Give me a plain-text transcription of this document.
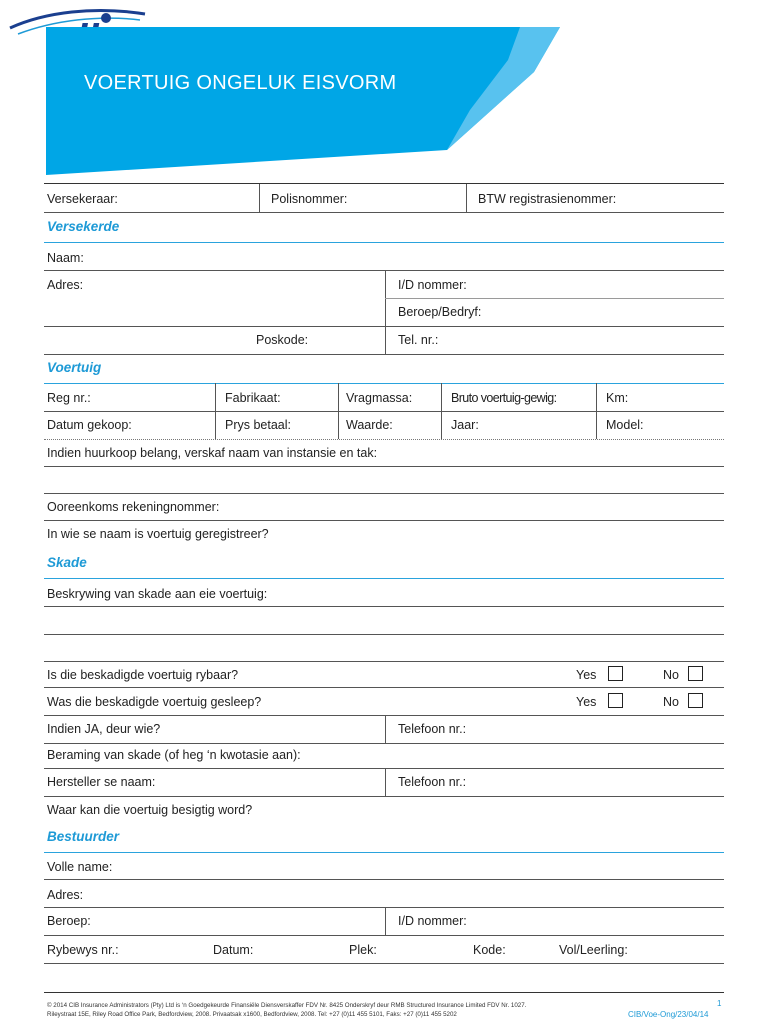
VOERTUIG ONGELUK EISVORM
Versekeraar:	Polisnommer:	BTW registrasienommer:
Versekerde
Naam:
Adres:	I/D nommer:
Beroep/Bedryf:
Poskode:	Tel. nr.:
Voertuig
Reg nr.:	Fabrikaat:	Vragmassa:	Bruto voertuig-gewig:	Km:
Datum gekoop:	Prys betaal:	Waarde:	Jaar:	Model:
Indien huurkoop belang, verskaf naam van instansie en tak:
Ooreenkoms rekeningnommer:
In wie se naam is voertuig geregistreer?
Skade
Beskrywing van skade aan eie voertuig:
Is die beskadigde voertuig rybaar?	Yes	No
Was die beskadigde voertuig gesleep?	Yes	No
Indien JA, deur wie?	Telefoon nr.:
Beraming van skade (of heg ‘n kwotasie aan):
Hersteller se naam:	Telefoon nr.:
Waar kan die voertuig besigtig word?
Bestuurder
Volle name:
Adres:
Beroep:	I/D nommer:
Rybewys nr.:	Datum:	Plek:	Kode:	Vol/Leerling:
© 2014 CIB Insurance Administrators (Pty) Ltd is ‘n Goedgekeurde Finansiële Diensverskaffer FDV Nr. 8425 Onderskryf deur RMB Structured Insurance Limited FDV Nr. 1027.
Rileystraat 15E, Riley Road Office Park, Bedfordview, 2008. Privaatsak x1600, Bedfordview, 2008. Tel: +27 (0)11 455 5101, Faks: +27 (0)11 455 5202
1
CIB/Voe-Ong/23/04/14
